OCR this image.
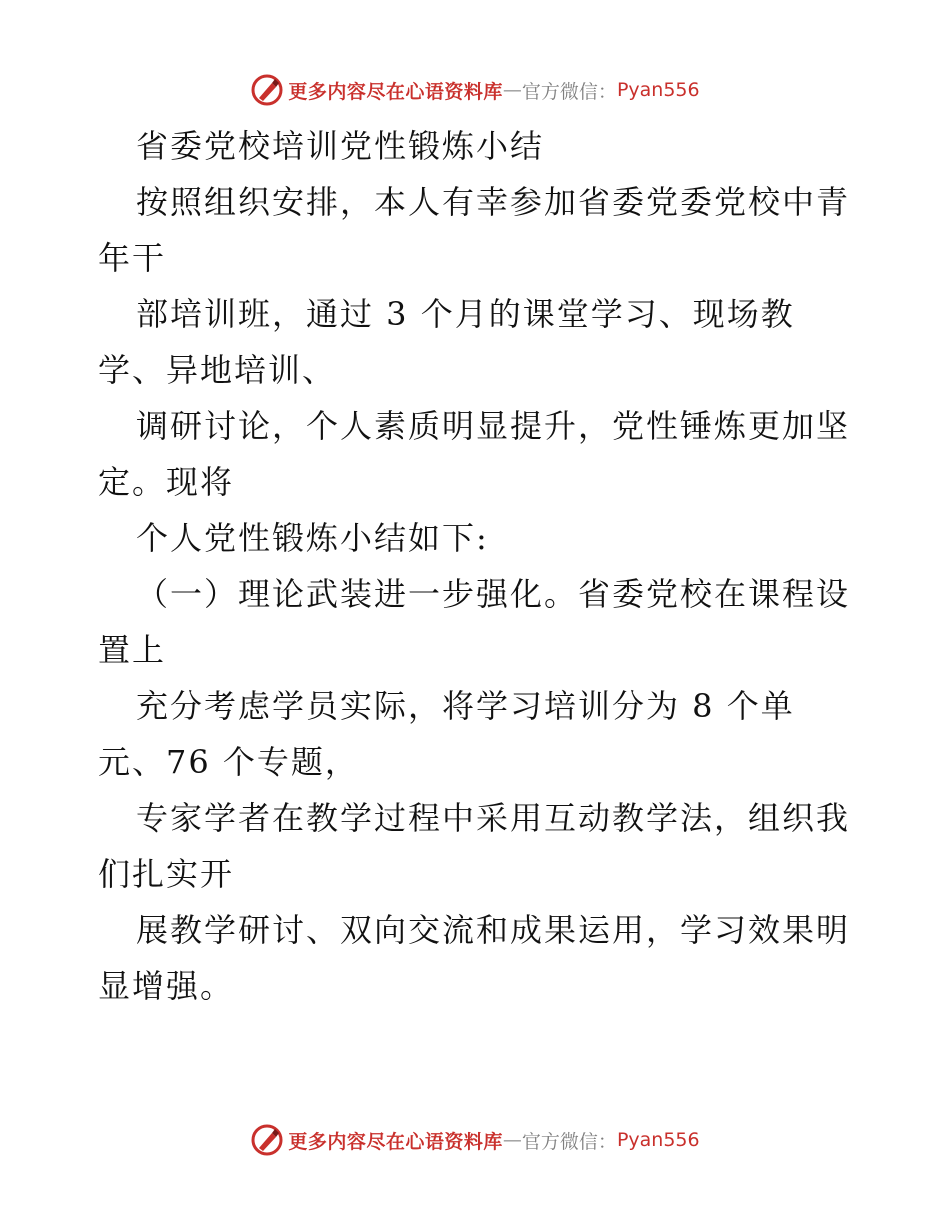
更多内容尽在心语资料库 — 官方微信： Pyan556

省委党校培训党性锻炼小结

按照组织安排，本人有幸参加省委党委党校中青

年干

部培训班，通过 3 个月的课堂学习、现场教

学、异地培训、

调研讨论，个人素质明显提升，党性锤炼更加坚

定。现将

个人党性锻炼小结如下:

（一）理论武装进一步强化。省委党校在课程设

置上

充分考虑学员实际，将学习培训分为 8 个单

元、76 个专题，

专家学者在教学过程中采用互动教学法，组织我

们扎实开

展教学研讨、双向交流和成果运用，学习效果明

显增强。

更多内容尽在心语资料库 — 官方微信： Pyan556
